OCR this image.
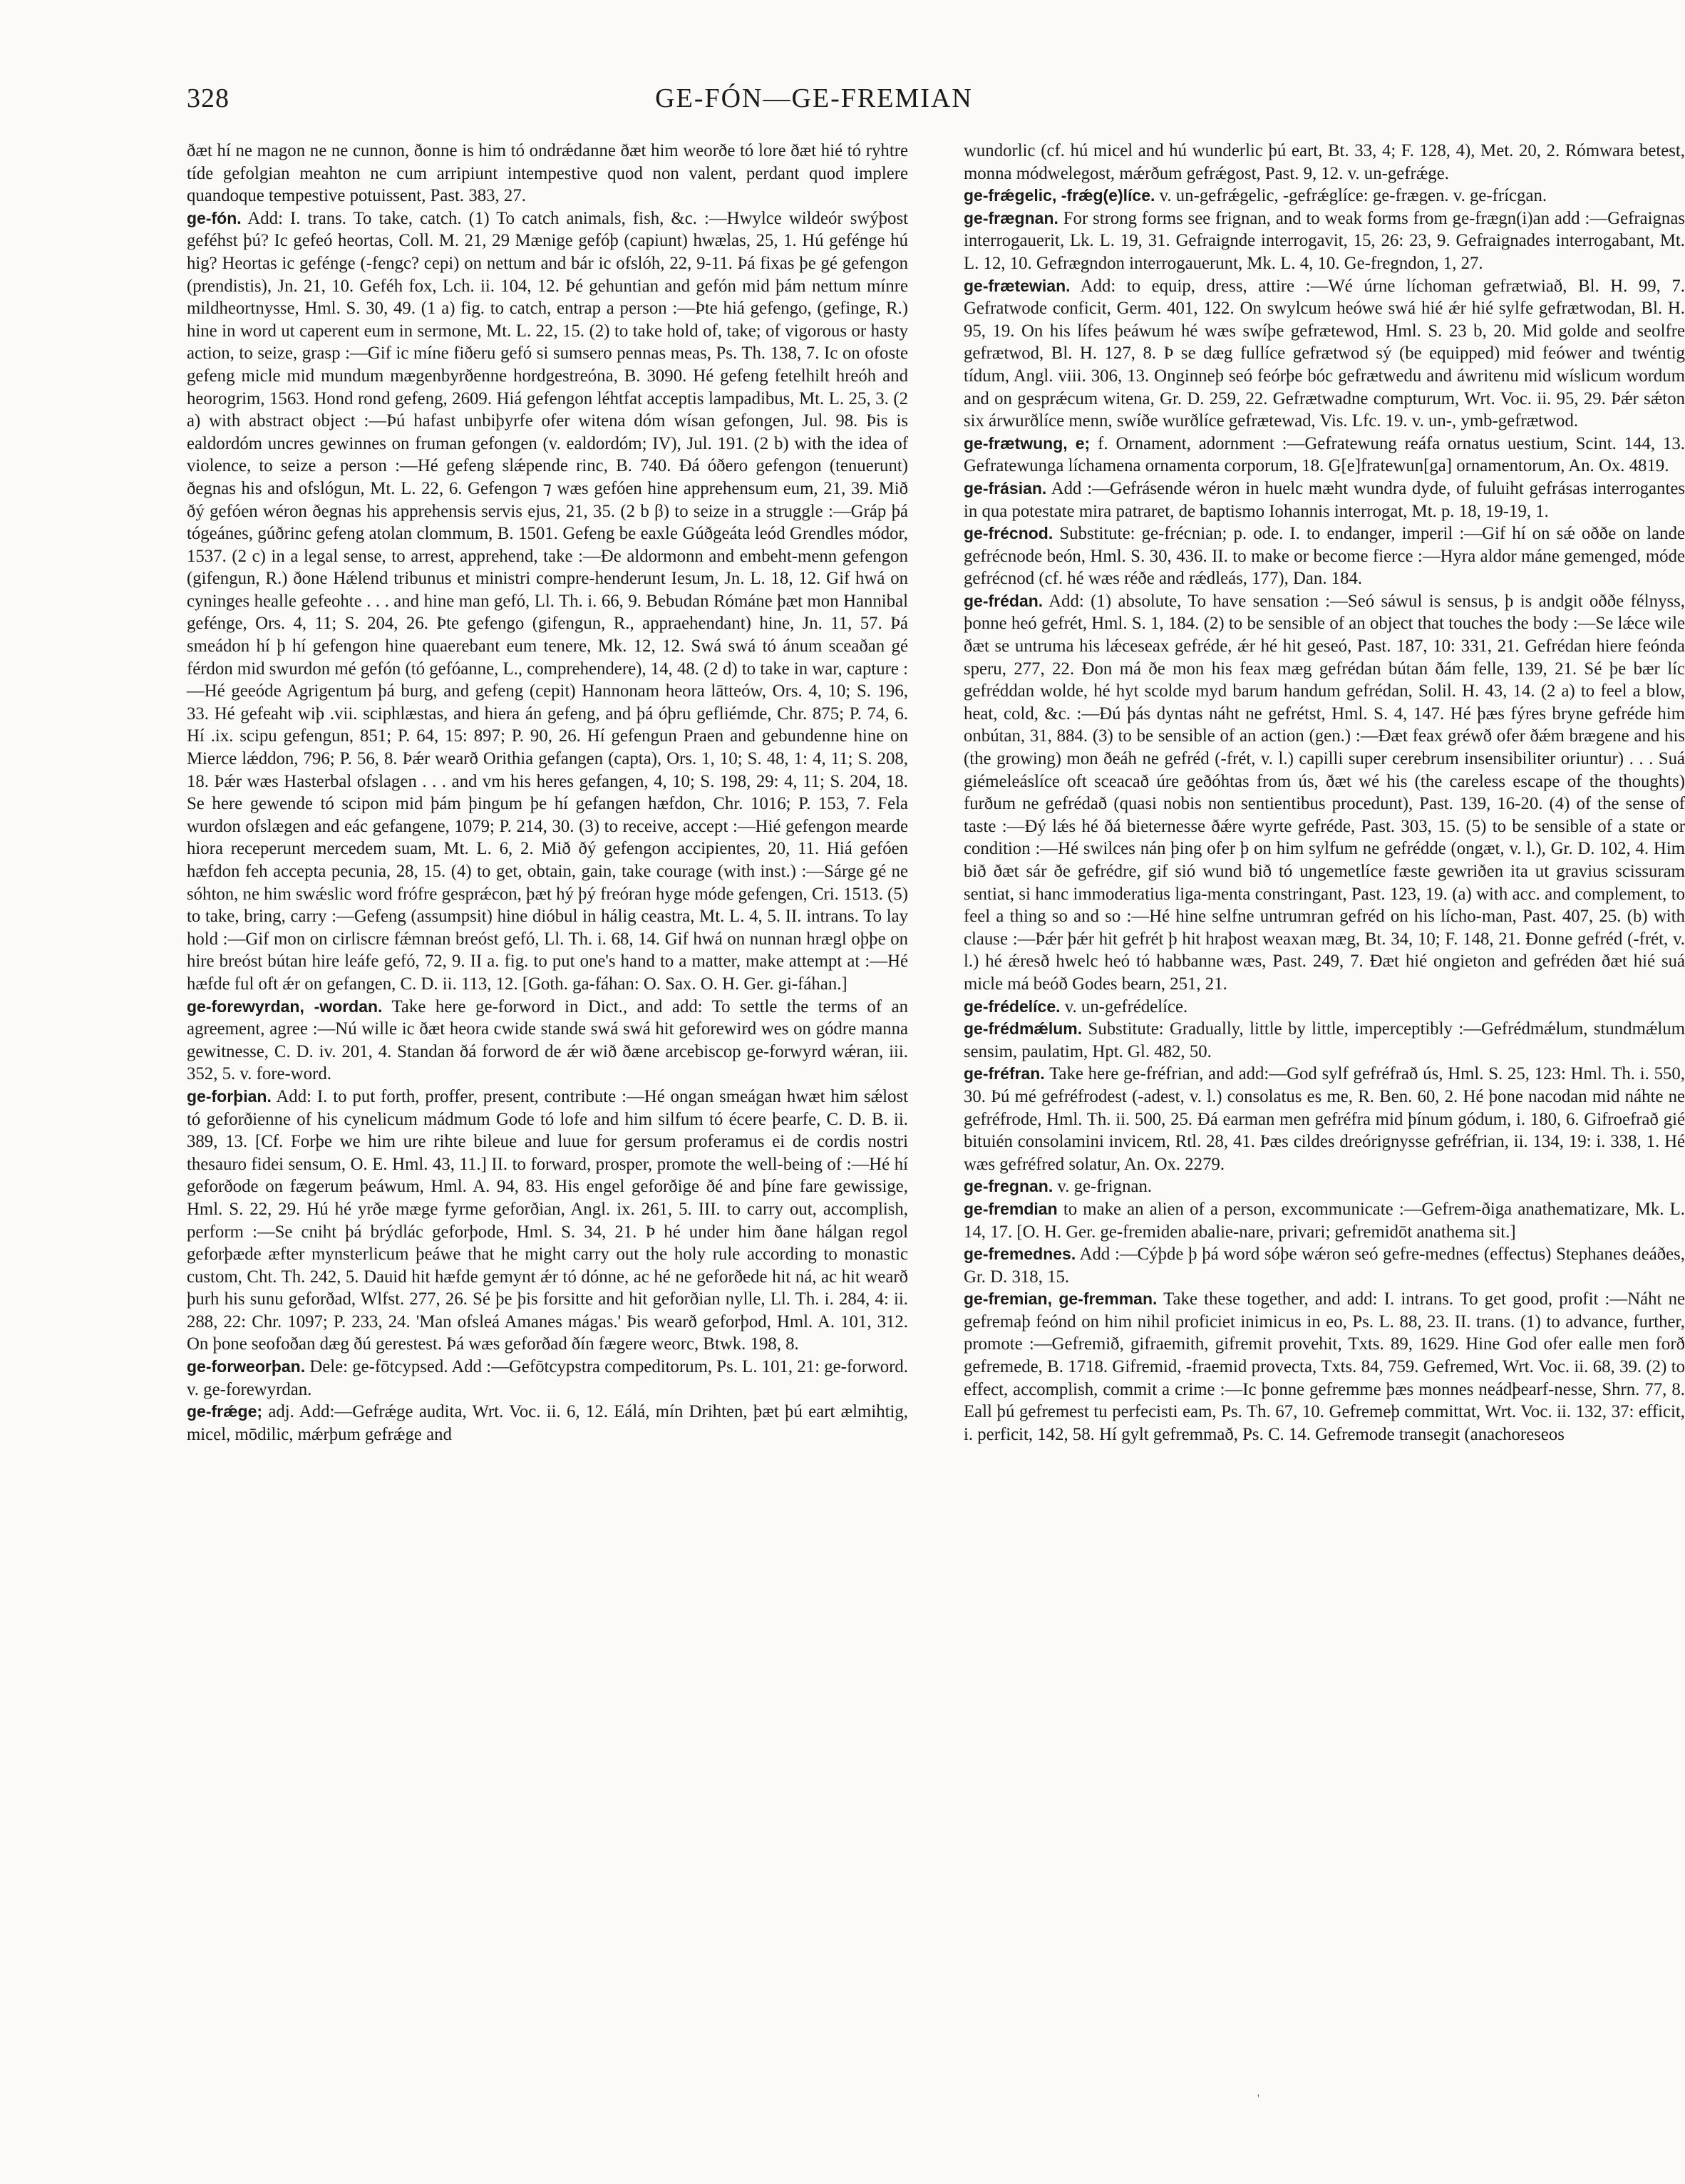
328	GE-FÓN—GE-FREMIAN

ðæt hí ne magon ne ne cunnon, ðonne is him tó ondrǽdanne ðæt him weorðe tó lore ðæt hié tó ryhtre tíde gefolgian meahton ne cum arripiunt intempestive quod non valent, perdant quod implere quandoque tempestive potuissent, Past. 383, 27.

ge-fón. Add: I. trans. To take, catch. (1) To catch animals, fish, &c. :—Hwylce wildeór swýþost geféhst þú? Ic gefeó heortas, Coll. M. 21, 29 Mænige gefóþ (capiunt) hwælas, 25, 1. Hú gefénge hú hig? Heortas ic gefénge (-fengc? cepi) on nettum and bár ic ofslóh, 22, 9-11. Þá fixas þe gé gefengon (prendistis), Jn. 21, 10. Geféh fox, Lch. ii. 104, 12. Þé gehuntian and gefón mid þám nettum mínre mildheortnysse, Hml. S. 30, 49. (1 a) fig. to catch, entrap a person :—Þte hiá gefengo, (gefinge, R.) hine in word ut caperent eum in sermone, Mt. L. 22, 15. (2) to take hold of, take; of vigorous or hasty action, to seize, grasp :—Gif ic míne fiðeru gefó si sumsero pennas meas, Ps. Th. 138, 7. Ic on ofoste gefeng micle mid mundum mægenbyrðenne hordgestreóna, B. 3090. Hé gefeng fetelhilt hreóh and heorogrim, 1563. Hond rond gefeng, 2609. Hiá gefengon léhtfat acceptis lampadibus, Mt. L. 25, 3. (2 a) with abstract object :—Þú hafast unbiþyrfe ofer witena dóm wísan gefongen, Jul. 98. Þis is ealdordóm uncres gewinnes on fruman gefongen (v. ealdordóm; IV), Jul. 191. (2 b) with the idea of violence, to seize a person :—Hé gefeng slǽpende rinc, B. 740. Ðá óðero gefengon (tenuerunt) ðegnas his and ofslógun, Mt. L. 22, 6. Gefengon ⁊ wæs gefóen hine apprehensum eum, 21, 39. Mið ðý gefóen wéron ðegnas his apprehensis servis ejus, 21, 35. (2 b β) to seize in a struggle :—Gráp þá tógeánes, gúðrinc gefeng atolan clommum, B. 1501. Gefeng be eaxle Gúðgeáta leód Grendles módor, 1537. (2 c) in a legal sense, to arrest, apprehend, take :—Ðe aldormonn and embeht-menn gefengon (gifengun, R.) ðone Hǽlend tribunus et ministri compre-henderunt Iesum, Jn. L. 18, 12. Gif hwá on cyninges healle gefeohte . . . and hine man gefó, Ll. Th. i. 66, 9. Bebudan Rómáne þæt mon Hannibal gefénge, Ors. 4, 11; S. 204, 26. Þte gefengo (gifengun, R., appraehendant) hine, Jn. 11, 57. Þá smeádon hí þ hí gefengon hine quaerebant eum tenere, Mk. 12, 12. Swá swá tó ánum sceaðan gé férdon mid swurdon mé gefón (tó gefóanne, L., comprehendere), 14, 48. (2 d) to take in war, capture :—Hé geeóde Agrigentum þá burg, and gefeng (cepit) Hannonam heora lātteów, Ors. 4, 10; S. 196, 33. Hé gefeaht wiþ .vii. sciphlæstas, and hiera án gefeng, and þá óþru gefliémde, Chr. 875; P. 74, 6. Hí .ix. scipu gefengun, 851; P. 64, 15: 897; P. 90, 26. Hí gefengun Praen and gebundenne hine on Mierce lǽddon, 796; P. 56, 8. Þǽr wearð Orithia gefangen (capta), Ors. 1, 10; S. 48, 1: 4, 11; S. 208, 18. Þǽr wæs Hasterbal ofslagen . . . and vm his heres gefangen, 4, 10; S. 198, 29: 4, 11; S. 204, 18. Se here gewende tó scipon mid þám þingum þe hí gefangen hæfdon, Chr. 1016; P. 153, 7. Fela wurdon ofslægen and eác gefangene, 1079; P. 214, 30. (3) to receive, accept :—Hié gefengon mearde hiora receperunt mercedem suam, Mt. L. 6, 2. Mið ðý gefengon accipientes, 20, 11. Hiá gefóen hæfdon feh accepta pecunia, 28, 15. (4) to get, obtain, gain, take courage (with inst.) :—Sárge gé ne sóhton, ne him swǽslic word frófre gesprǽcon, þæt hý þý freóran hyge móde gefengen, Cri. 1513. (5) to take, bring, carry :—Gefeng (assumpsit) hine dióbul in hálig ceastra, Mt. L. 4, 5. II. intrans. To lay hold :—Gif mon on cirliscre fǽmnan breóst gefó, Ll. Th. i. 68, 14. Gif hwá on nunnan hrægl oþþe on hire breóst bútan hire leáfe gefó, 72, 9. II a. fig. to put one's hand to a matter, make attempt at :—Hé hæfde ful oft ǽr on gefangen, C. D. ii. 113, 12. [Goth. ga-fáhan: O. Sax. O. H. Ger. gi-fáhan.]

ge-forewyrdan, -wordan. Take here ge-forword in Dict., and add: To settle the terms of an agreement, agree :—Nú wille ic ðæt heora cwide stande swá swá hit geforewird wes on gódre manna gewitnesse, C. D. iv. 201, 4. Standan ðá forword de ǽr wið ðæne arcebiscop ge-forwyrd wǽran, iii. 352, 5. v. fore-word.

ge-forþian. Add: I. to put forth, proffer, present, contribute :—Hé ongan smeágan hwæt him sǽlost tó geforðienne of his cynelicum mádmum Gode tó lofe and him silfum tó écere þearfe, C. D. B. ii. 389, 13. [Cf. Forþe we him ure rihte bileue and luue for gersum proferamus ei de cordis nostri thesauro fidei sensum, O. E. Hml. 43, 11.] II. to forward, prosper, promote the well-being of :—Hé hí geforðode on fægerum þeáwum, Hml. A. 94, 83. His engel geforðige ðé and þíne fare gewissige, Hml. S. 22, 29. Hú hé yrðe mæge fyrme geforðian, Angl. ix. 261, 5. III. to carry out, accomplish, perform :—Se cniht þá brýdlác geforþode, Hml. S. 34, 21. Þ hé under him ðane hálgan regol geforþæde æfter mynsterlicum þeáwe that he might carry out the holy rule according to monastic custom, Cht. Th. 242, 5. Dauid hit hæfde gemynt ǽr tó dónne, ac hé ne geforðede hit ná, ac hit wearð þurh his sunu geforðad, Wlfst. 277, 26. Sé þe þis forsitte and hit geforðian nylle, Ll. Th. i. 284, 4: ii. 288, 22: Chr. 1097; P. 233, 24. 'Man ofsleá Amanes mágas.' Þis wearð geforþod, Hml. A. 101, 312. On þone seofoðan dæg ðú gerestest. Þá wæs geforðad ðín fægere weorc, Btwk. 198, 8.

ge-forweorþan. Dele: ge-fōtcypsed. Add :—Gefōtcypstra compeditorum, Ps. L. 101, 21: ge-forword. v. ge-forewyrdan.

ge-frǽge; adj. Add:—Gefrǽge audita, Wrt. Voc. ii. 6, 12. Eálá, mín Drihten, þæt þú eart ælmihtig, micel, mōdilic, mǽrþum gefrǽge and

wundorlic (cf. hú micel and hú wunderlic þú eart, Bt. 33, 4; F. 128, 4), Met. 20, 2. Rómwara betest, monna módwelegost, mǽrðum gefrǽgost, Past. 9, 12. v. un-gefrǽge.

ge-frǽgelic, -frǽg(e)líce. v. un-gefrǽgelic, -gefrǽglíce: ge-frægen. v. ge-frícgan.

ge-frægnan. For strong forms see frignan, and to weak forms from ge-frægn(i)an add :—Gefraignas interrogauerit, Lk. L. 19, 31. Gefraignde interrogavit, 15, 26: 23, 9. Gefraignades interrogabant, Mt. L. 12, 10. Gefrægndon interrogauerunt, Mk. L. 4, 10. Ge-fregndon, 1, 27.

ge-frætewian. Add: to equip, dress, attire :—Wé úrne líchoman gefrætwiað, Bl. H. 99, 7. Gefratwode conficit, Germ. 401, 122. On swylcum heówe swá hié ǽr hié sylfe gefrætwodan, Bl. H. 95, 19. On his lífes þeáwum hé wæs swíþe gefrætewod, Hml. S. 23 b, 20. Mid golde and seolfre gefrætwod, Bl. H. 127, 8. Þ se dæg fullíce gefrætwod sý (be equipped) mid feówer and twéntig tídum, Angl. viii. 306, 13. Onginneþ seó feórþe bóc gefrætwedu and áwritenu mid wíslicum wordum and on gesprǽcum witena, Gr. D. 259, 22. Gefrætwadne compturum, Wrt. Voc. ii. 95, 29. Þǽr sǽton six árwurðlíce menn, swíðe wurðlíce gefrætewad, Vis. Lfc. 19. v. un-, ymb-gefrætwod.

ge-frætwung, e; f. Ornament, adornment :—Gefratewung reáfa ornatus uestium, Scint. 144, 13. Gefratewunga líchamena ornamenta corporum, 18. G[e]fratewun[ga] ornamentorum, An. Ox. 4819.

ge-frásian. Add :—Gefrásende wéron in huelc mæht wundra dyde, of fuluiht gefrásas interrogantes in qua potestate mira patraret, de baptismo Iohannis interrogat, Mt. p. 18, 19-19, 1.

ge-frécnod. Substitute: ge-frécnian; p. ode. I. to endanger, imperil :—Gif hí on sǽ oððe on lande gefrécnode beón, Hml. S. 30, 436. II. to make or become fierce :—Hyra aldor máne gemenged, móde gefrécnod (cf. hé wæs réðe and rǽdleás, 177), Dan. 184.

ge-frédan. Add: (1) absolute, To have sensation :—Seó sáwul is sensus, þ is andgit oððe félnyss, þonne heó gefrét, Hml. S. 1, 184. (2) to be sensible of an object that touches the body :—Se lǽce wile ðæt se untruma his lǽceseax gefréde, ǽr hé hit geseó, Past. 187, 10: 331, 21. Gefrédan hiere feónda speru, 277, 22. Ðon má ðe mon his feax mæg gefrédan bútan ðám felle, 139, 21. Sé þe bær líc gefréddan wolde, hé hyt scolde myd barum handum gefrédan, Solil. H. 43, 14. (2 a) to feel a blow, heat, cold, &c. :—Ðú þás dyntas náht ne gefrétst, Hml. S. 4, 147. Hé þæs fýres bryne gefréde him onbútan, 31, 884. (3) to be sensible of an action (gen.) :—Ðæt feax gréwð ofer ðǽm brægene and his (the growing) mon ðeáh ne gefréd (-frét, v. l.) capilli super cerebrum insensibiliter oriuntur) . . . Suá giémeleáslíce oft sceacað úre geðóhtas from ús, ðæt wé his (the careless escape of the thoughts) furðum ne gefrédað (quasi nobis non sentientibus procedunt), Past. 139, 16-20. (4) of the sense of taste :—Ðý lǽs hé ðá bieternesse ðǽre wyrte gefréde, Past. 303, 15. (5) to be sensible of a state or condition :—Hé swilces nán þing ofer þ on him sylfum ne gefrédde (ongæt, v. l.), Gr. D. 102, 4. Him bið ðæt sár ðe gefrédre, gif sió wund bið tó ungemetlíce fæste gewriðen ita ut gravius scissuram sentiat, si hanc immoderatius liga-menta constringant, Past. 123, 19. (a) with acc. and complement, to feel a thing so and so :—Hé hine selfne untrumran gefréd on his lícho-man, Past. 407, 25. (b) with clause :—Þǽr þǽr hit gefrét þ hit hraþost weaxan mæg, Bt. 34, 10; F. 148, 21. Ðonne gefréd (-frét, v. l.) hé ǽresð hwelc heó tó habbanne wæs, Past. 249, 7. Ðæt hié ongieton and gefréden ðæt hié suá micle má beóð Godes bearn, 251, 21.

ge-frédelíce. v. un-gefrédelíce.

ge-frédmǽlum. Substitute: Gradually, little by little, imperceptibly :—Gefrédmǽlum, stundmǽlum sensim, paulatim, Hpt. Gl. 482, 50.

ge-fréfran. Take here ge-fréfrian, and add:—God sylf gefréfrað ús, Hml. S. 25, 123: Hml. Th. i. 550, 30. Þú mé gefréfrodest (-adest, v. l.) consolatus es me, R. Ben. 60, 2. Hé þone nacodan mid náhte ne gefréfrode, Hml. Th. ii. 500, 25. Ðá earman men gefréfra mid þínum gódum, i. 180, 6. Gifroefrað gié bituién consolamini invicem, Rtl. 28, 41. Þæs cildes dreórignysse gefréfrian, ii. 134, 19: i. 338, 1. Hé wæs gefréfred solatur, An. Ox. 2279.

ge-fregnan. v. ge-frignan.

ge-fremdian to make an alien of a person, excommunicate :—Gefrem-ðiga anathematizare, Mk. L. 14, 17. [O. H. Ger. ge-fremiden abalie-nare, privari; gefremidōt anathema sit.]

ge-fremednes. Add :—Cýþde þ þá word sóþe wǽron seó gefre-mednes (effectus) Stephanes deáðes, Gr. D. 318, 15.

ge-fremian, ge-fremman. Take these together, and add: I. intrans. To get good, profit :—Náht ne gefremaþ feónd on him nihil proficiet inimicus in eo, Ps. L. 88, 23. II. trans. (1) to advance, further, promote :—Gefremið, gifraemith, gifremit provehit, Txts. 89, 1629. Hine God ofer ealle men forð gefremede, B. 1718. Gifremid, -fraemid provecta, Txts. 84, 759. Gefremed, Wrt. Voc. ii. 68, 39. (2) to effect, accomplish, commit a crime :—Ic þonne gefremme þæs monnes neádþearf-nesse, Shrn. 77, 8. Eall þú gefremest tu perfecisti eam, Ps. Th. 67, 10. Gefremeþ committat, Wrt. Voc. ii. 132, 37: efficit, i. perficit, 142, 58. Hí gylt gefremmað, Ps. C. 14. Gefremode transegit (anachoreseos

'
